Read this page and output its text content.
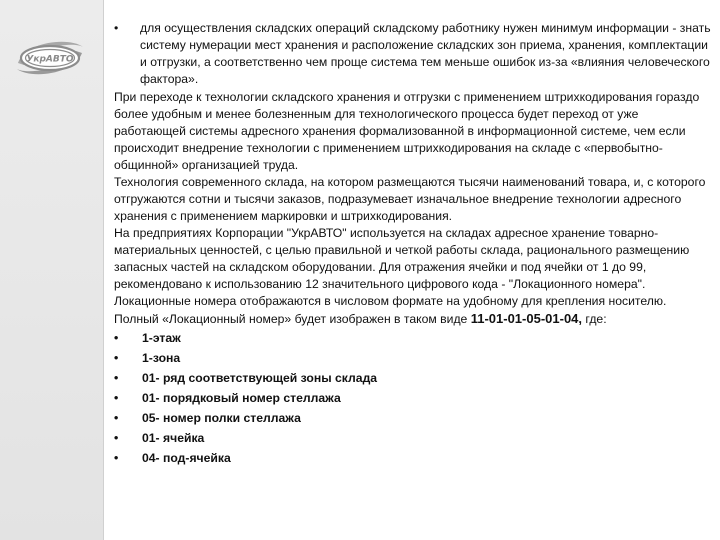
УкрАВТО
• для осуществления складских операций складскому работнику нужен минимум информации - знать систему нумерации мест хранения и расположение складских зон приема, хранения, комплектации и отгрузки, а соответственно чем проще система тем меньше ошибок из-за «влияния человеческого фактора».

При переходе к технологии складского хранения и отгрузки с применением штрихкодирования гораздо более удобным и менее болезненным для технологического процесса будет переход от уже работающей системы адресного хранения формализованной в информационной системе, чем если происходит внедрение технологии с применением штрихкодирования на складе с «первобытно-общинной» организацией труда.

Технология современного склада, на котором размещаются тысячи наименований товара, и, с которого отгружаются сотни и тысячи заказов, подразумевает изначальное внедрение технологии адресного хранения с применением маркировки и штрихкодирования.

На предприятиях Корпорации "УкрАВТО" используется на складах адресное хранение товарно-материальных ценностей, с целью правильной и четкой работы склада, рационального размещению запасных частей на складском оборудовании. Для отражения ячейки и под ячейки от 1 до 99, рекомендовано к использованию 12 значительного цифрового кода - "Локационного номера". Локационные номера отображаются в числовом формате на удобному для крепления носителю.

Полный «Локационный номер» будет изображен в таком виде 11-01-01-05-01-04, где:

• 1-этаж
• 1-зона
• 01- ряд соответствующей зоны склада
• 01- порядковый номер стеллажа
• 05- номер полки стеллажа
• 01- ячейка
• 04- под-ячейка
